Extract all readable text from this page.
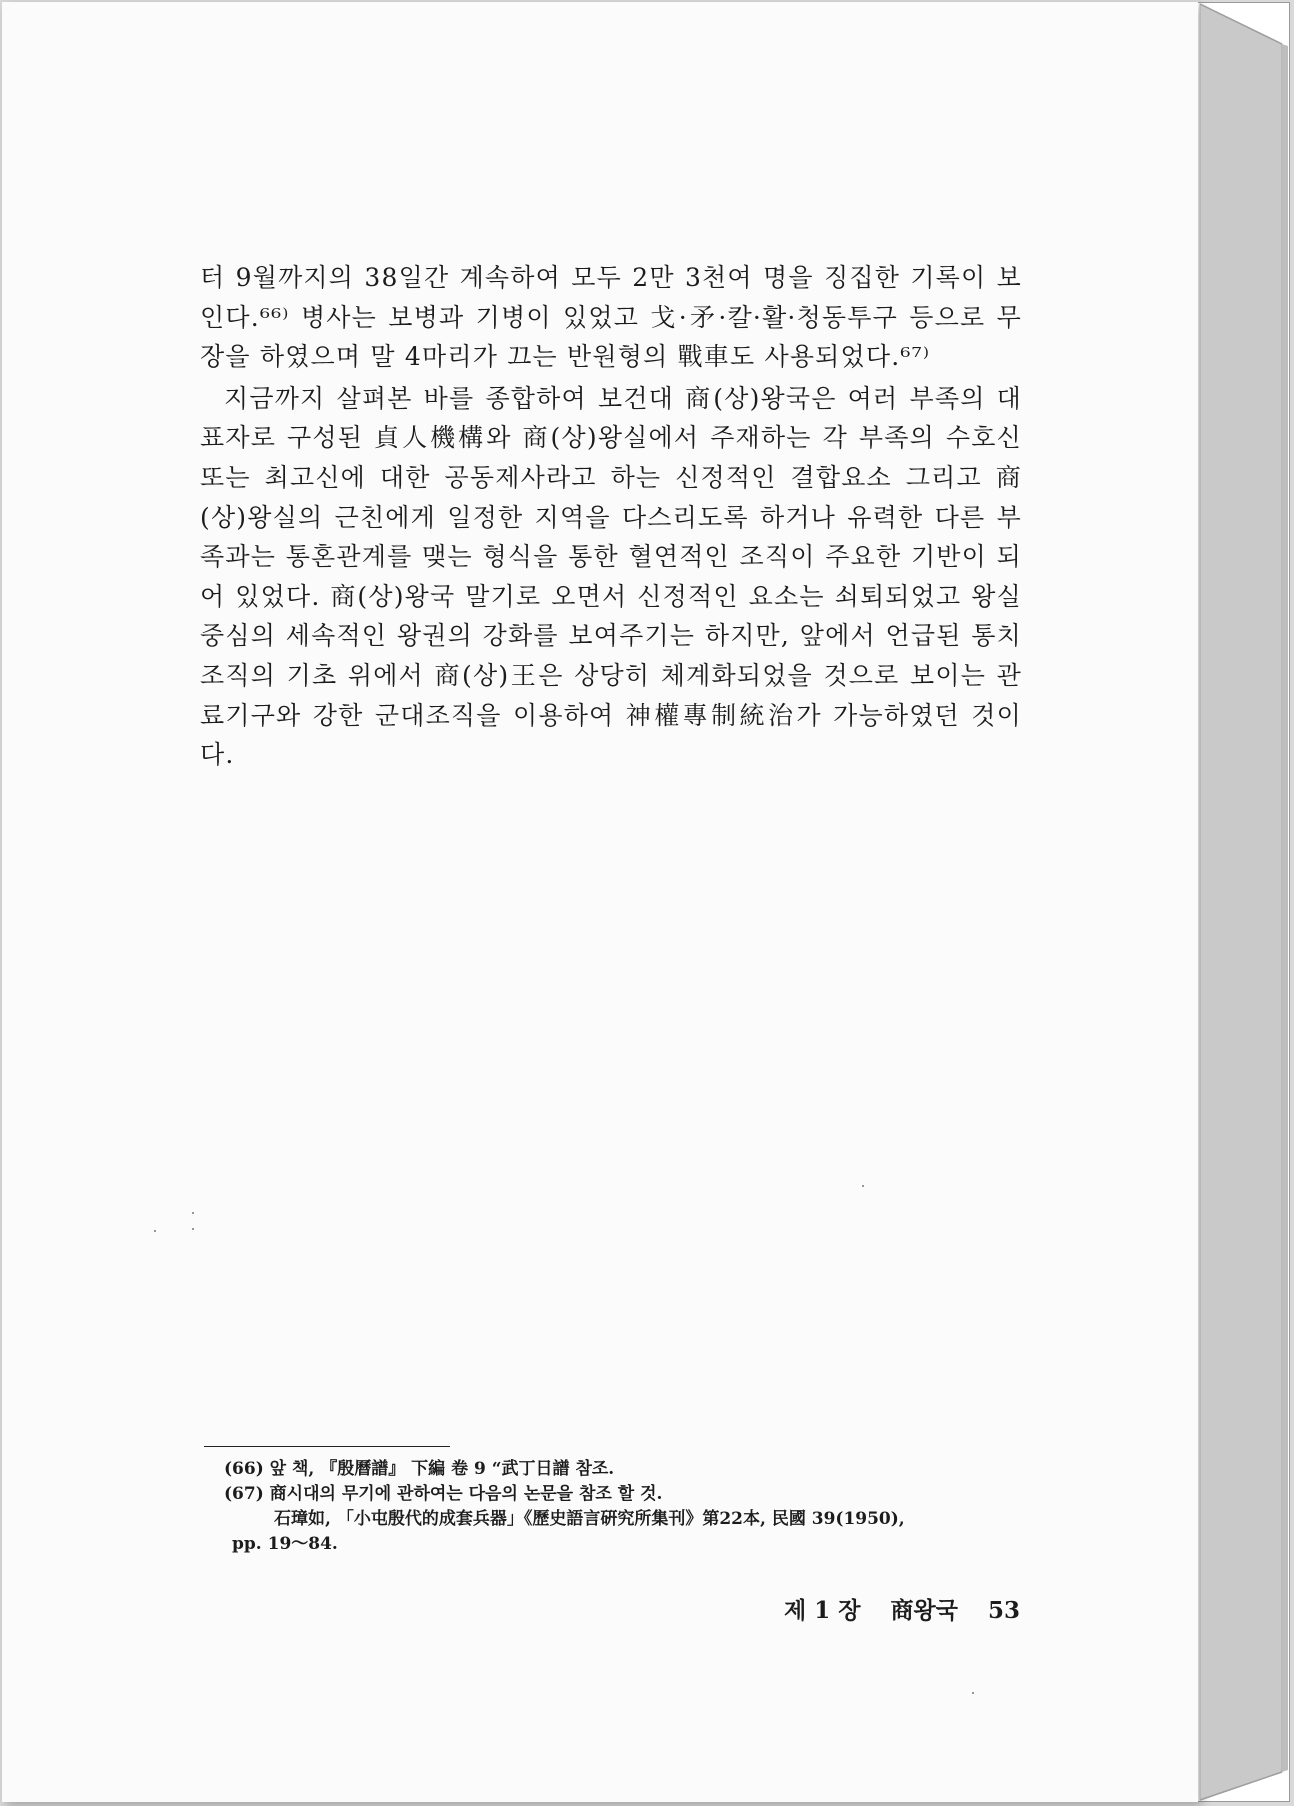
터 9월까지의 38일간 계속하여 모두 2만 3천여 명을 징집한 기록이 보인다.⁶⁶⁾ 병사는 보병과 기병이 있었고 戈·矛·칼·활·청동투구 등으로 무장을 하였으며 말 4마리가 끄는 반원형의 戰車도 사용되었다.⁶⁷⁾

지금까지 살펴본 바를 종합하여 보건대 商(상)왕국은 여러 부족의 대표자로 구성된 貞人機構와 商(상)왕실에서 주재하는 각 부족의 수호신 또는 최고신에 대한 공동제사라고 하는 신정적인 결합요소 그리고 商(상)왕실의 근친에게 일정한 지역을 다스리도록 하거나 유력한 다른 부족과는 통혼관계를 맺는 형식을 통한 혈연적인 조직이 주요한 기반이 되어 있었다. 商(상)왕국 말기로 오면서 신정적인 요소는 쇠퇴되었고 왕실 중심의 세속적인 왕권의 강화를 보여주기는 하지만, 앞에서 언급된 통치조직의 기초 위에서 商(상)王은 상당히 체계화되었을 것으로 보이는 관료기구와 강한 군대조직을 이용하여 神權專制統治가 가능하였던 것이다.

(66) 앞 책, 『殷曆譜』 下編 卷 9 “武丁日譜 참조.

(67) 商시대의 무기에 관하여는 다음의 논문을 참조 할 것.

石璋如, 「小屯殷代的成套兵器」《歷史語言硏究所集刊》第22本, 民國 39(1950),

pp. 19～84.

제 1 장 商왕국 53
